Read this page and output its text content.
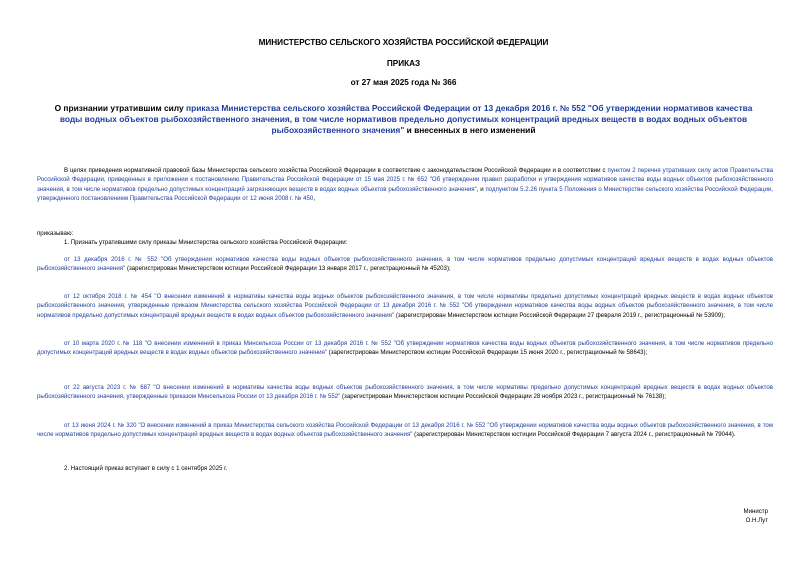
МИНИСТЕРСТВО СЕЛЬСКОГО ХОЗЯЙСТВА РОССИЙСКОЙ ФЕДЕРАЦИИ
ПРИКАЗ
от 27 мая 2025 года № 366
О признании утратившим силу приказа Министерства сельского хозяйства Российской Федерации от 13 декабря 2016 г. № 552 "Об утверждении нормативов качества воды водных объектов рыбохозяйственного значения, в том числе нормативов предельно допустимых концентраций вредных веществ в водах водных объектов рыбохозяйственного значения" и внесенных в него изменений
В целях приведения нормативной правовой базы Министерства сельского хозяйства Российской Федерации в соответствие с законодательством Российской Федерации и в соответствии с пунктом 2 перечня утративших силу актов Правительства Российской Федерации, приведенных в приложении к постановлению Правительства Российской Федерации от 15 мая 2025 г. № 652 "Об утверждении правил разработки и утверждения нормативов качества воды водных объектов рыбохозяйственного значения, в том числе нормативов предельно допустимых концентраций загрязняющих веществ в водах водных объектов рыбохозяйственного значения", и подпунктом 5.2.26 пункта 5 Положения о Министерстве сельского хозяйства Российской Федерации, утвержденного постановлением Правительства Российской Федерации от 12 июня 2008 г. № 450,
приказываю:
1. Признать утратившими силу приказы Министерства сельского хозяйства Российской Федерации:
от 13 декабря 2016 г. № 552 "Об утверждении нормативов качества воды водных объектов рыбохозяйственного значения, в том числе нормативов предельно допустимых концентраций вредных веществ в водах водных объектов рыбохозяйственного значения" (зарегистрирован Министерством юстиции Российской Федерации 13 января 2017 г., регистрационный № 45203);
от 12 октября 2018 г. № 454 "О внесении изменений в нормативы качества воды водных объектов рыбохозяйственного значения, в том числе нормативы предельно допустимых концентраций вредных веществ в водах водных объектов рыбохозяйственного значения, утвержденные приказом Министерства сельского хозяйства Российской Федерации от 13 декабря 2016 г. № 552 "Об утверждении нормативов качества воды водных объектов рыбохозяйственного значения, в том числе нормативов предельно допустимых концентраций вредных веществ в водах водных объектов рыбохозяйственного значения" (зарегистрирован Министерством юстиции Российской Федерации 27 февраля 2019 г., регистрационный № 53909);
от 10 марта 2020 г. № 118 "О внесении изменений в приказ Минсельхоза России от 13 декабря 2016 г. № 552 "Об утверждении нормативов качества воды водных объектов рыбохозяйственного значения, в том числе нормативов предельно допустимых концентраций вредных веществ в водах водных объектов рыбохозяйственного значения" (зарегистрирован Министерством юстиции Российской Федерации 15 июня 2020 г., регистрационный № 58643);
от 22 августа 2023 г. № 687 "О внесении изменений в нормативы качества воды водных объектов рыбохозяйственного значения, в том числе нормативы предельно допустимых концентраций вредных веществ в водах водных объектов рыбохозяйственного значения, утвержденные приказом Минсельхоза России от 13 декабря 2016 г. № 552" (зарегистрирован Министерством юстиции Российской Федерации 28 ноября 2023 г., регистрационный № 76138);
от 13 июня 2024 г. № 320 "О внесении изменений в приказ Министерства сельского хозяйства Российской Федерации от 13 декабря 2016 г. № 552 "Об утверждении нормативов качества воды водных объектов рыбохозяйственного значения, в том числе нормативов предельно допустимых концентраций вредных веществ в водах водных объектов рыбохозяйственного значения" (зарегистрирован Министерством юстиции Российской Федерации 7 августа 2024 г., регистрационный № 79044).
2. Настоящий приказ вступает в силу с 1 сентября 2025 г.
Министр
О.Н.Лут
